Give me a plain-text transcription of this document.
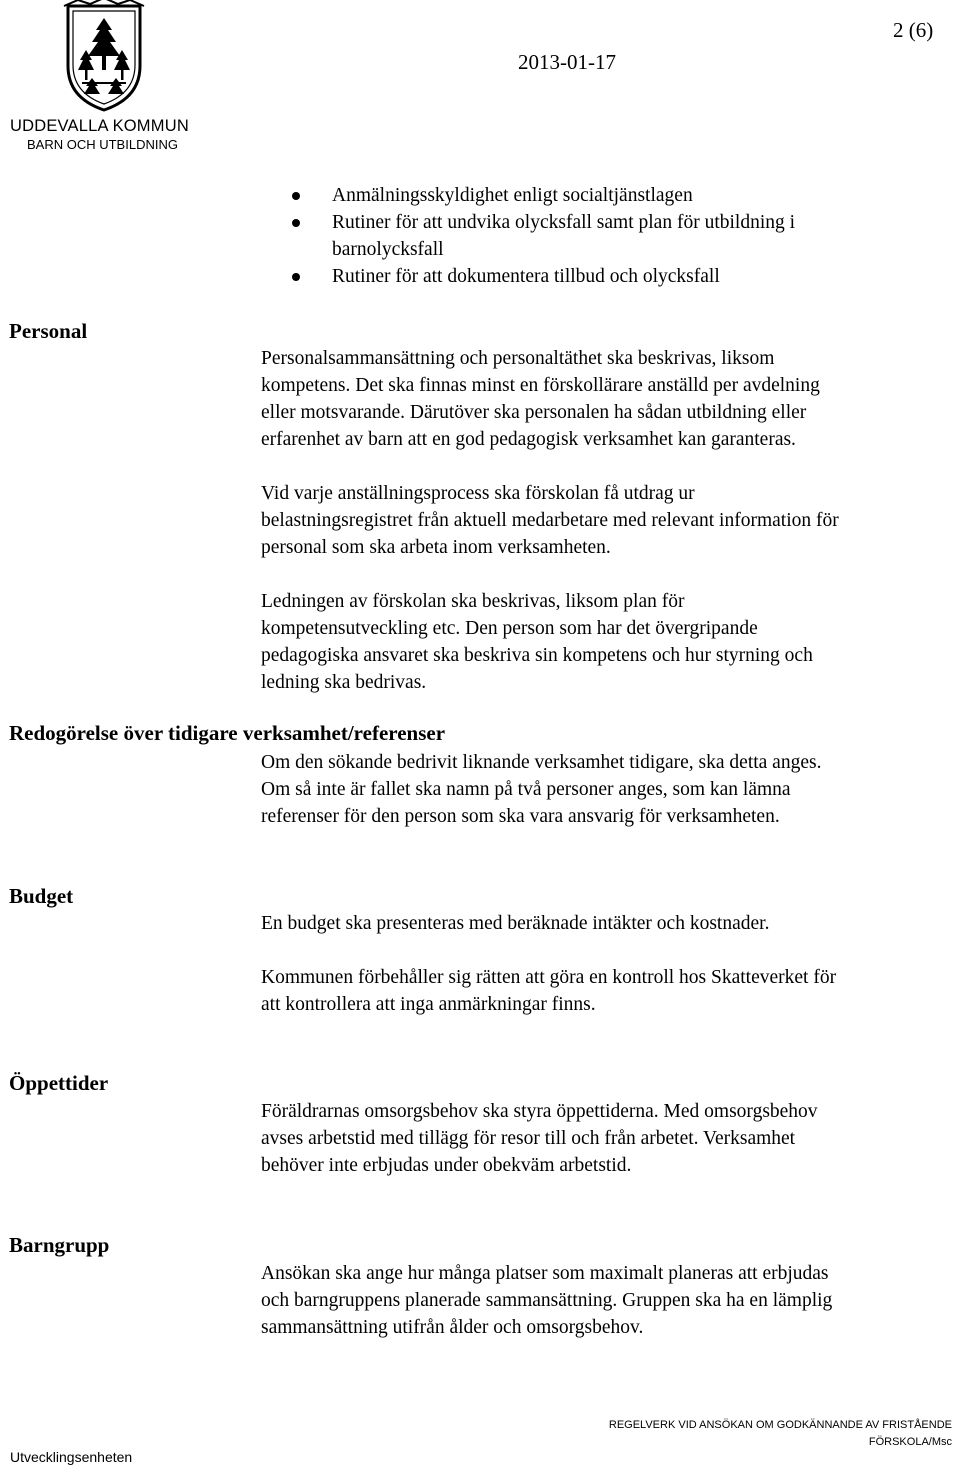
UDDEVALLA KOMMUN
BARN OCH UTBILDNING
2 (6)
2013-01-17
Anmälningsskyldighet enligt socialtjänstlagen
Rutiner för att undvika olycksfall samt plan för utbildning i
barnolycksfall
Rutiner för att dokumentera tillbud och olycksfall
Personal
Personalsammansättning och personaltäthet ska beskrivas, liksom
kompetens. Det ska finnas minst en förskollärare anställd per avdelning
eller motsvarande. Därutöver ska personalen ha sådan utbildning eller
erfarenhet av barn att en god pedagogisk verksamhet kan garanteras.
Vid varje anställningsprocess ska förskolan få utdrag ur
belastningsregistret från aktuell medarbetare med relevant information för
personal som ska arbeta inom verksamheten.
Ledningen av förskolan ska beskrivas, liksom plan för
kompetensutveckling etc. Den person som har det övergripande
pedagogiska ansvaret ska beskriva sin kompetens och hur styrning och
ledning ska bedrivas.
Redogörelse över tidigare verksamhet/referenser
Om den sökande bedrivit liknande verksamhet tidigare, ska detta anges.
Om så inte är fallet ska namn på två personer anges, som kan lämna
referenser för den person som ska vara ansvarig för verksamheten.
Budget
En budget ska presenteras med beräknade intäkter och kostnader.
Kommunen förbehåller sig rätten att göra en kontroll hos Skatteverket för
att kontrollera att inga anmärkningar finns.
Öppettider
Föräldrarnas omsorgsbehov ska styra öppettiderna. Med omsorgsbehov
avses arbetstid med tillägg för resor till och från arbetet. Verksamhet
behöver inte erbjudas under obekväm arbetstid.
Barngrupp
Ansökan ska ange hur många platser som maximalt planeras att erbjudas
och barngruppens planerade sammansättning. Gruppen ska ha en lämplig
sammansättning utifrån ålder och omsorgsbehov.
Utvecklingsenheten
REGELVERK VID ANSÖKAN OM GODKÄNNANDE AV FRISTÅENDE
FÖRSKOLA/Msc
